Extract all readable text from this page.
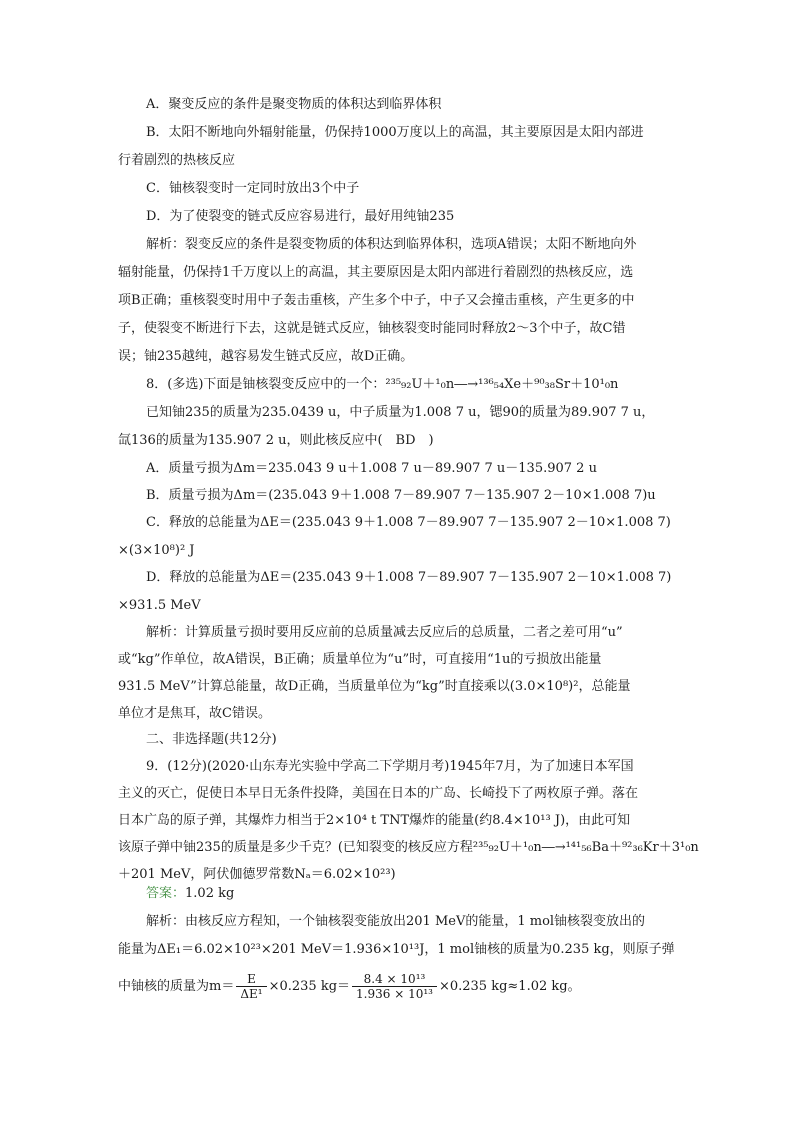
A．聚变反应的条件是聚变物质的体积达到临界体积
B．太阳不断地向外辐射能量，仍保持1000万度以上的高温，其主要原因是太阳内部进
行着剧烈的热核反应
C．铀核裂变时一定同时放出3个中子
D．为了使裂变的链式反应容易进行，最好用纯铀235
解析：裂变反应的条件是裂变物质的体积达到临界体积，选项A错误；太阳不断地向外
辐射能量，仍保持1千万度以上的高温，其主要原因是太阳内部进行着剧烈的热核反应，选
项B正确；重核裂变时用中子轰击重核，产生多个中子，中子又会撞击重核，产生更多的中
子，使裂变不断进行下去，这就是链式反应，铀核裂变时能同时释放2～3个中子，故C错
误；铀235越纯，越容易发生链式反应，故D正确。
8．(多选)下面是铀核裂变反应中的一个：²³⁵₉₂U＋¹₀n―→¹³⁶₅₄Xe＋⁹⁰₃₈Sr＋10¹₀n
已知铀235的质量为235.0439 u，中子质量为1.008 7 u，锶90的质量为89.907 7 u，
氙136的质量为135.907 2 u，则此核反应中(　BD　)
A．质量亏损为Δm＝235.043 9 u＋1.008 7 u－89.907 7 u－135.907 2 u
B．质量亏损为Δm＝(235.043 9＋1.008 7－89.907 7－135.907 2－10×1.008 7)u
C．释放的总能量为ΔE＝(235.043 9＋1.008 7－89.907 7－135.907 2－10×1.008 7)
×(3×10⁸)² J
D．释放的总能量为ΔE＝(235.043 9＋1.008 7－89.907 7－135.907 2－10×1.008 7)
×931.5 MeV
解析：计算质量亏损时要用反应前的总质量减去反应后的总质量，二者之差可用“u”
或“kg”作单位，故A错误，B正确；质量单位为“u”时，可直接用“1u的亏损放出能量
931.5 MeV”计算总能量，故D正确，当质量单位为“kg”时直接乘以(3.0×10⁸)²，总能量
单位才是焦耳，故C错误。
二、非选择题(共12分)
9．(12分)(2020·山东寿光实验中学高二下学期月考)1945年7月，为了加速日本军国
主义的灭亡，促使日本早日无条件投降，美国在日本的广岛、长崎投下了两枚原子弹。落在
日本广岛的原子弹，其爆炸力相当于2×10⁴ t TNT爆炸的能量(约8.4×10¹³ J)，由此可知
该原子弹中铀235的质量是多少千克？(已知裂变的核反应方程²³⁵₉₂U＋¹₀n―→¹⁴¹₅₆Ba＋⁹²₃₆Kr＋3¹₀n
＋201 MeV，阿伏伽德罗常数Nₐ＝6.02×10²³)
答案：1.02 kg
解析：由核反应方程知，一个铀核裂变能放出201 MeV的能量，1 mol铀核裂变放出的
能量为ΔE₁＝6.02×10²³×201 MeV＝1.936×10¹³J，1 mol铀核的质量为0.235 kg，则原子弹
中铀核的质量为$m= \frac{E}{\text{ΔE¹}} \times 0.235$ $kg= \frac{\text{8.4 × 10¹³}}{\text{1.936 × 10¹³}} \times 0.235$ kg≈1.02 kg。
